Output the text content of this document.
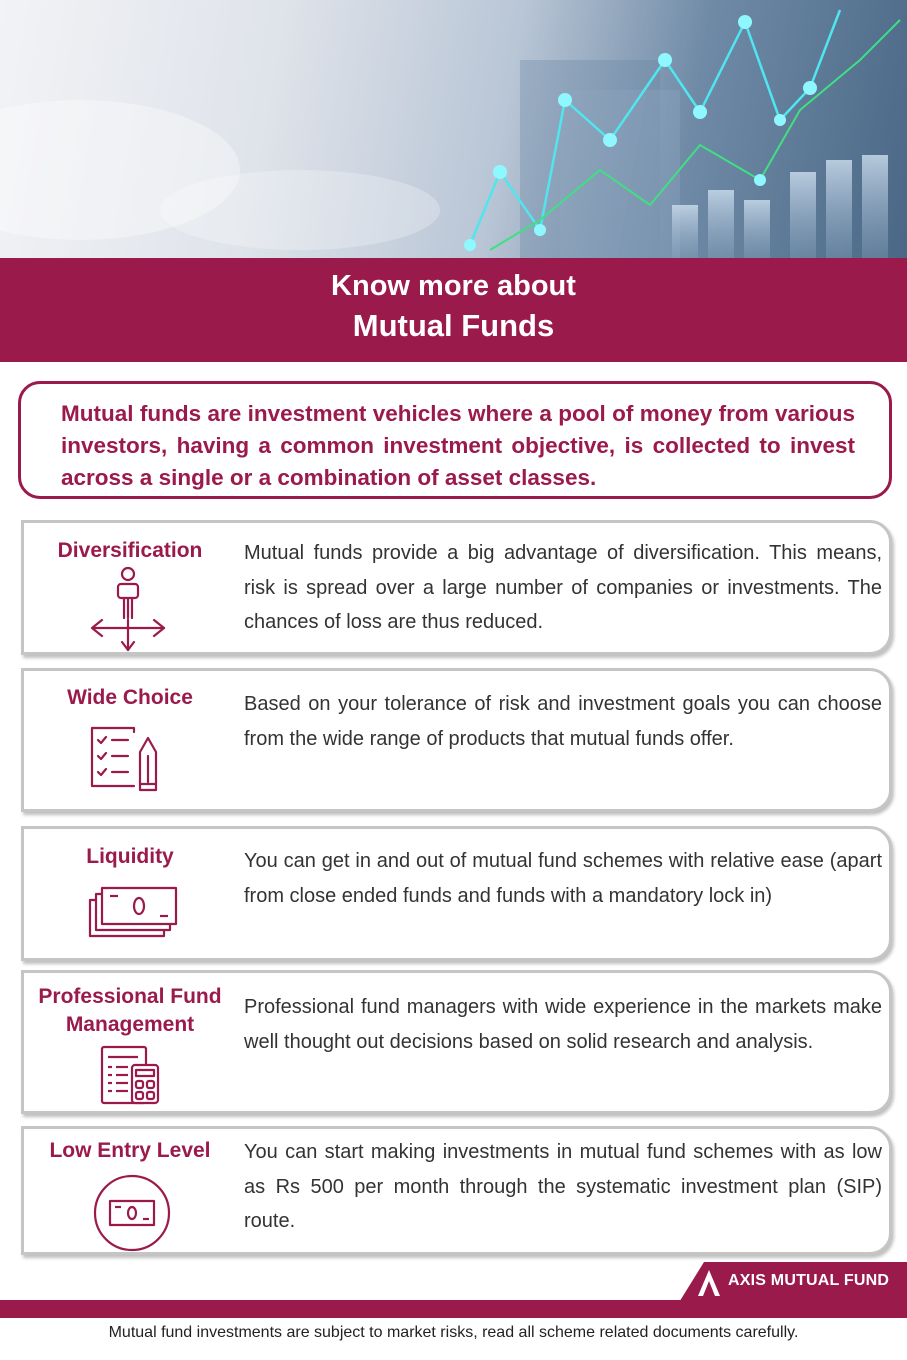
Know more about
Mutual Funds
Mutual funds are investment vehicles where a pool of money from various investors, having a common investment objective, is collected to invest across a single or a combination of asset classes.
Diversification	Mutual funds provide a big advantage of diversification. This means, risk is spread over a large number of companies or investments. The chances of loss are thus reduced.
Wide Choice	Based on your tolerance of risk and investment goals you can choose from the wide range of products that mutual funds offer.
Liquidity	You can get in and out of mutual fund schemes with relative ease (apart from close ended funds and funds with a mandatory lock in)
Professional Fund Management
Professional fund managers with wide experience in the markets make well thought out decisions based on solid research and analysis.
Low Entry Level	You can start making investments in mutual fund schemes with as low as Rs 500 per month through the systematic investment plan (SIP) route.
AXIS MUTUAL FUND
Mutual fund investments are subject to market risks, read all scheme related documents carefully.
